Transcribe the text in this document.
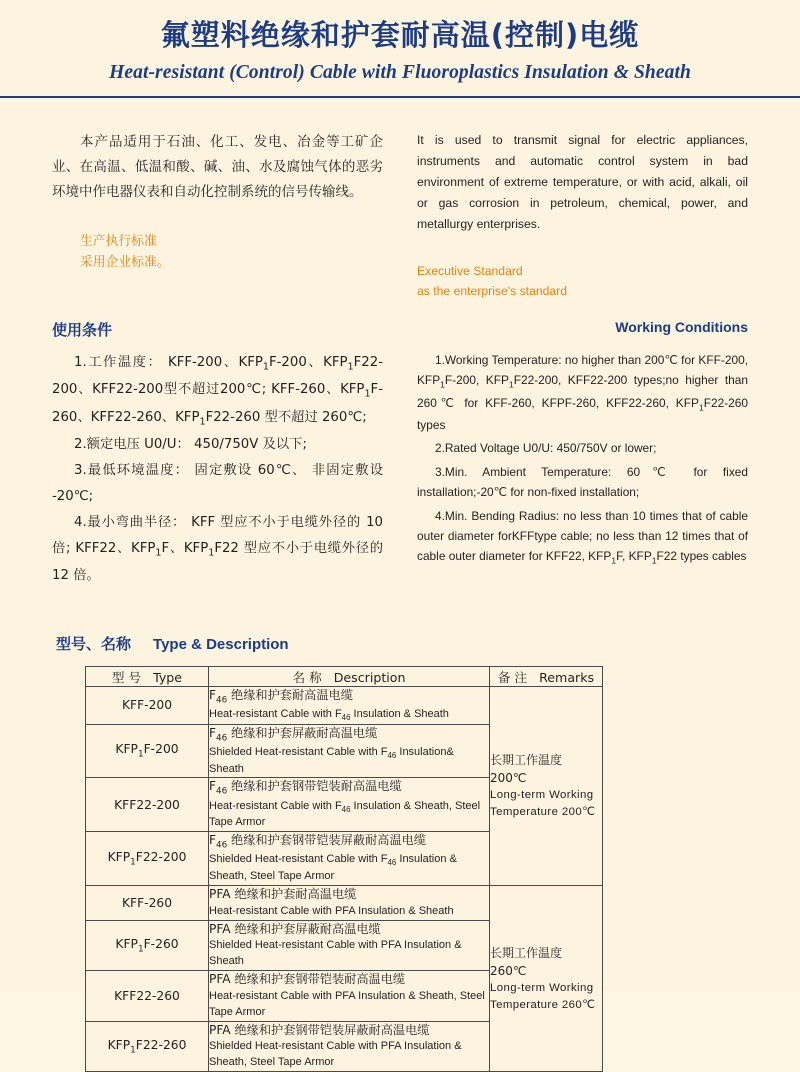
氟塑料绝缘和护套耐高温(控制)电缆
Heat-resistant (Control) Cable with Fluoroplastics Insulation & Sheath
本产品适用于石油、化工、发电、冶金等工矿企业、在高温、低温和酸、碱、油、水及腐蚀气体的恶劣环境中作电器仪表和自动化控制系统的信号传输线。
生产执行标准
采用企业标准。
It is used to transmit signal for electric appliances, instruments and automatic control system in bad environment of extreme temperature, or with acid, alkali, oil or gas corrosion in petroleum, chemical, power, and metallurgy enterprises.
Executive Standard
as the enterprise's standard
使用条件	Working Conditions
1.工作温度： KFF-200、$KFP_1F-200$、$KFP_1F22-200$、KFF22-200型不超过200℃; KFF-260、$KFP_1F-260$、KFF22-260、$KFP_1F22-260$ 型不超过 260℃;
2.额定电压 U0/U： 450/750V 及以下;
3.最低环境温度： 固定敷设 60℃、 非固定敷设 -20℃;
4.最小弯曲半径： KFF 型应不小于电缆外径的 10 倍; KFF22、$KFP_1F$、$KFP_1F22$ 型应不小于电缆外径的 12 倍。
1.Working Temperature: no higher than 200℃ for KFF-200, $KFP_1F-200$, $KFP_1F22-200$, KFF22-200 types;no higher than 260℃ for KFF-260, KFPF-260, KFF22-260, $KFP_1F22-260$ types
2.Rated Voltage U0/U: 450/750V or lower;
3.Min. Ambient Temperature: 60℃ for fixed installation;-20℃ for non-fixed installation;
4.Min. Bending Radius: no less than 10 times that of cable outer diameter forKFFtype cable; no less than 12 times that of cable outer diameter for KFF22, $KFP_1F$, $KFP_1F22$ types cables
型号、名称 Type & Description
型 号 Type	名 称 Description	备 注 Remarks
KFF-200	$F_{46}$ 绝缘和护套耐高温电缆
Heat-resistant Cable with $F_{46}$ Insulation & Sheath	长期工作温度 200℃
Long-term Working
Temperature 200℃

$KFP_1F-200$	$F_{46}$ 绝缘和护套屏蔽耐高温电缆
Shielded Heat-resistant Cable with $F_{46}$ Insulation& Sheath	

KFF22-200	$F_{46}$ 绝缘和护套钢带铠装耐高温电缆
Heat-resistant Cable with $F_{46}$ Insulation & Sheath, Steel Tape Armor	

$KFP_1F22-200$	$F_{46}$ 绝缘和护套钢带铠装屏蔽耐高温电缆
Shielded Heat-resistant Cable with $F_{46}$ Insulation & Sheath, Steel Tape Armor	

KFF-260	PFA 绝缘和护套耐高温电缆
Heat-resistant Cable with PFA Insulation & Sheath	长期工作温度 260℃
Long-term Working
Temperature 260℃

$KFP_1F-260$	PFA 绝缘和护套屏蔽耐高温电缆
Shielded Heat-resistant Cable with PFA Insulation & Sheath	

KFF22-260	PFA 绝缘和护套钢带铠装耐高温电缆
Heat-resistant Cable with PFA Insulation & Sheath, Steel Tape Armor	

$KFP_1F22-260$	PFA 绝缘和护套钢带铠装屏蔽耐高温电缆
Shielded Heat-resistant Cable with PFA Insulation & Sheath, Steel Tape Armor	
